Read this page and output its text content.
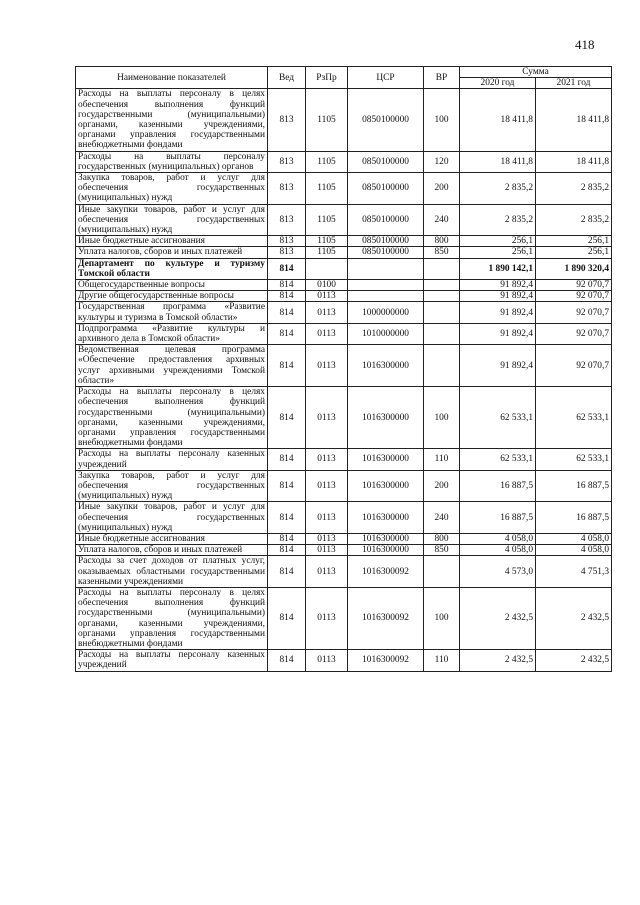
418
Наименование показателей	Вед	РзПр	ЦСР	ВР	Сумма	
					2020 год	2021 год
Расходы на выплаты персоналу в целях обеспечения выполнения функций государственными (муниципальными) органами, казенными учреждениями, органами управления государственными внебюджетными фондами	813	1105	0850100000	100	18 411,8	18 411,8
Расходы на выплаты персоналу государственных (муниципальных) органов	813	1105	0850100000	120	18 411,8	18 411,8
Закупка товаров, работ и услуг для обеспечения государственных (муниципальных) нужд	813	1105	0850100000	200	2 835,2	2 835,2
Иные закупки товаров, работ и услуг для обеспечения государственных (муниципальных) нужд	813	1105	0850100000	240	2 835,2	2 835,2
Иные бюджетные ассигнования	813	1105	0850100000	800	256,1	256,1
Уплата налогов, сборов и иных платежей	813	1105	0850100000	850	256,1	256,1
Департамент по культуре и туризму Томской области	814				1 890 142,1	1 890 320,4
Общегосударственные вопросы	814	0100			91 892,4	92 070,7
Другие общегосударственные вопросы	814	0113			91 892,4	92 070,7
Государственная программа «Развитие культуры и туризма в Томской области»	814	0113	1000000000		91 892,4	92 070,7
Подпрограмма «Развитие культуры и архивного дела в Томской области»	814	0113	1010000000		91 892,4	92 070,7
Ведомственная целевая программа «Обеспечение предоставления архивных услуг архивными учреждениями Томской области»	814	0113	1016300000		91 892,4	92 070,7
Расходы на выплаты персоналу в целях обеспечения выполнения функций государственными (муниципальными) органами, казенными учреждениями, органами управления государственными внебюджетными фондами	814	0113	1016300000	100	62 533,1	62 533,1
Расходы на выплаты персоналу казенных учреждений	814	0113	1016300000	110	62 533,1	62 533,1
Закупка товаров, работ и услуг для обеспечения государственных (муниципальных) нужд	814	0113	1016300000	200	16 887,5	16 887,5
Иные закупки товаров, работ и услуг для обеспечения государственных (муниципальных) нужд	814	0113	1016300000	240	16 887,5	16 887,5
Иные бюджетные ассигнования	814	0113	1016300000	800	4 058,0	4 058,0
Уплата налогов, сборов и иных платежей	814	0113	1016300000	850	4 058,0	4 058,0
Расходы за счет доходов от платных услуг, оказываемых областными государственными казенными учреждениями	814	0113	1016300092		4 573,0	4 751,3
Расходы на выплаты персоналу в целях обеспечения выполнения функций государственными (муниципальными) органами, казенными учреждениями, органами управления государственными внебюджетными фондами	814	0113	1016300092	100	2 432,5	2 432,5
Расходы на выплаты персоналу казенных учреждений	814	0113	1016300092	110	2 432,5	2 432,5
